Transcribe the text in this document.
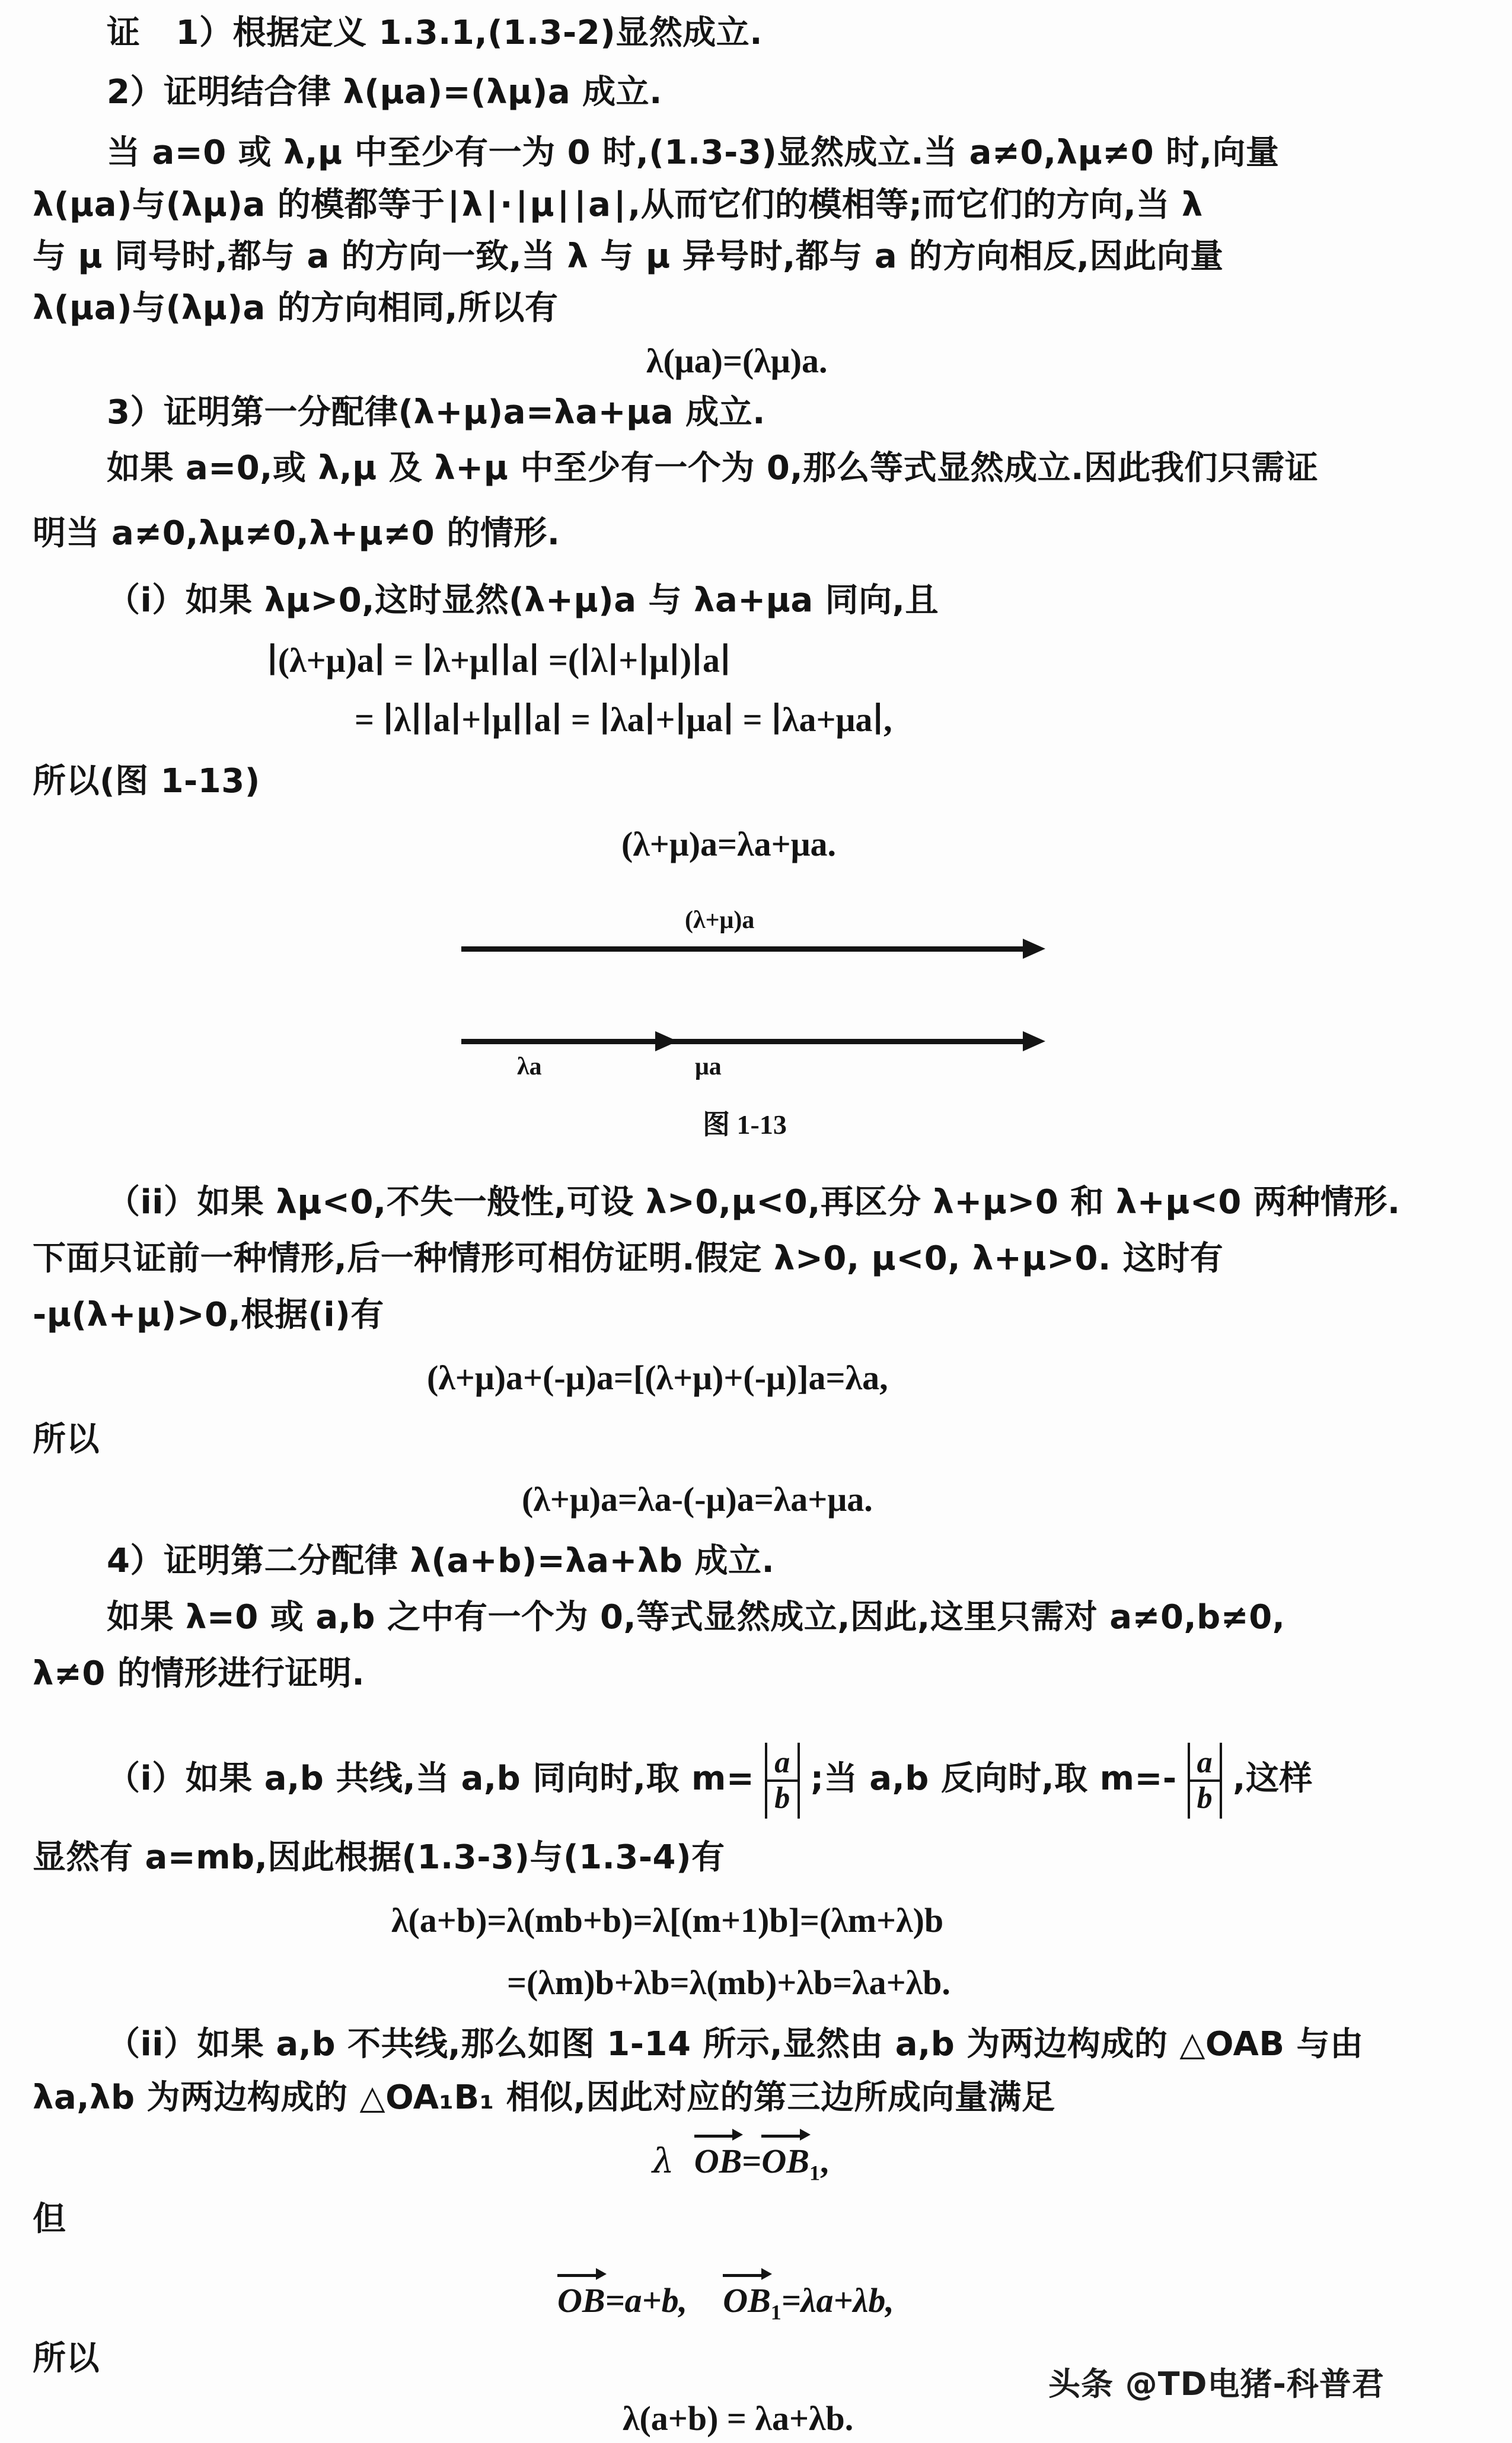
证   1）根据定义 1.3.1,(1.3-2)显然成立.
2）证明结合律 λ(μa)=(λμ)a 成立.
当 a=0 或 λ,μ 中至少有一为 0 时,(1.3-3)显然成立.当 a≠0,λμ≠0 时,向量
λ(μa)与(λμ)a 的模都等于∣λ∣·∣μ∣∣a∣,从而它们的模相等;而它们的方向,当 λ
与 μ 同号时,都与 a 的方向一致,当 λ 与 μ 异号时,都与 a 的方向相反,因此向量
λ(μa)与(λμ)a 的方向相同,所以有
λ(μa)=(λμ)a.
3）证明第一分配律(λ+μ)a=λa+μa 成立.
如果 a=0,或 λ,μ 及 λ+μ 中至少有一个为 0,那么等式显然成立.因此我们只需证
明当 a≠0,λμ≠0,λ+μ≠0 的情形.
（i）如果 λμ>0,这时显然(λ+μ)a 与 λa+μa 同向,且
∣(λ+μ)a∣ = ∣λ+μ∣∣a∣ =(∣λ∣+∣μ∣)∣a∣
= ∣λ∣∣a∣+∣μ∣∣a∣ = ∣λa∣+∣μa∣ = ∣λa+μa∣,
所以(图 1-13)
(λ+μ)a=λa+μa.
(λ+μ)a
λa	μa
图 1-13
（ii）如果 λμ<0,不失一般性,可设 λ>0,μ<0,再区分 λ+μ>0 和 λ+μ<0 两种情形.
下面只证前一种情形,后一种情形可相仿证明.假定 λ>0, μ<0, λ+μ>0. 这时有
-μ(λ+μ)>0,根据(i)有
(λ+μ)a+(-μ)a=[(λ+μ)+(-μ)]a=λa,
所以
(λ+μ)a=λa-(-μ)a=λa+μa.
4）证明第二分配律 λ(a+b)=λa+λb 成立.
如果 λ=0 或 a,b 之中有一个为 0,等式显然成立,因此,这里只需对 a≠0,b≠0,
λ≠0 的情形进行证明.
（i）如果 a,b 共线,当 a,b 同向时,取 $m= \frac{a}{b}$ ;当 a,b 反向时,取 $m=- \frac{a}{b}$ ,这样
显然有 a=mb,因此根据(1.3-3)与(1.3-4)有
λ(a+b)=λ(mb+b)=λ[(m+1)b]=(λm+λ)b
=(λm)b+λb=λ(mb)+λb=λa+λb.
（ii）如果 a,b 不共线,那么如图 1-14 所示,显然由 a,b 为两边构成的 △OAB 与由
λa,λb 为两边构成的 △OA₁B₁ 相似,因此对应的第三边所成向量满足
λ $OB=OB_1$,
但
OB=a+b, $OB_1=\lambda a+\lambda b$,
所以
λ(a+b) = λa+λb.
头条 @TD电猪-科普君
